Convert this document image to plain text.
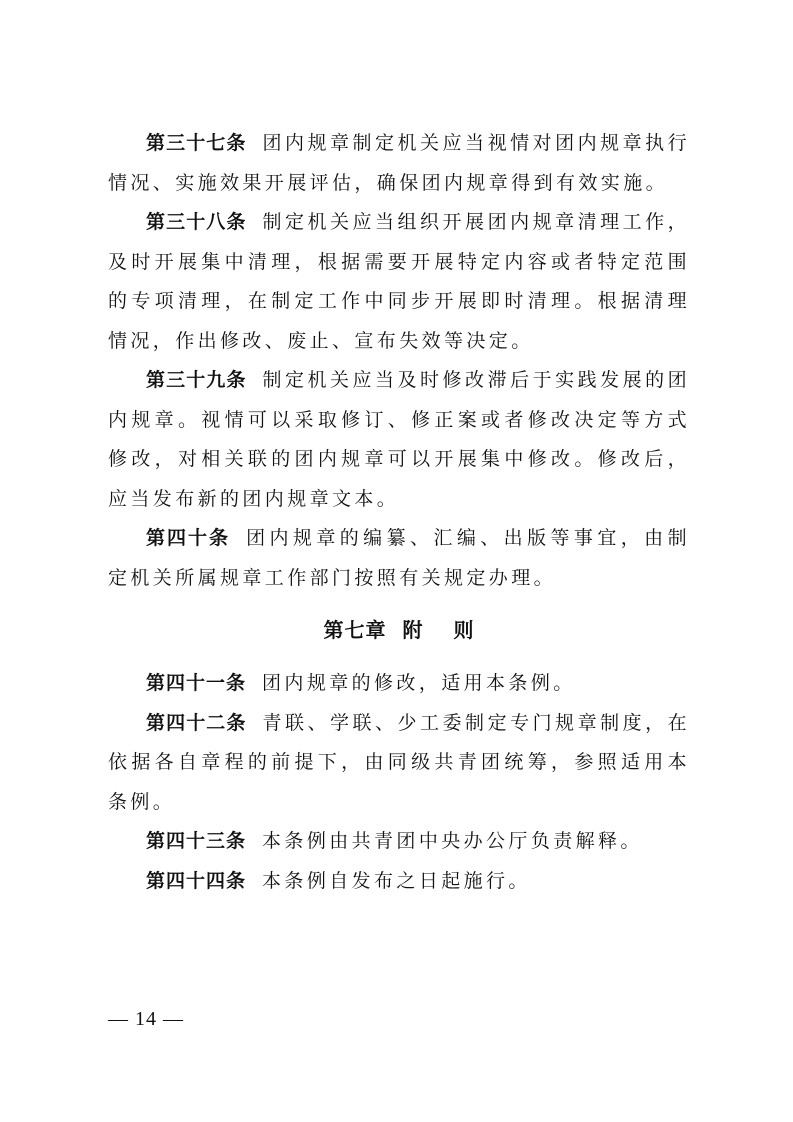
第三十七条 团内规章制定机关应当视情对团内规章执行情况、实施效果开展评估，确保团内规章得到有效实施。

第三十八条 制定机关应当组织开展团内规章清理工作，及时开展集中清理，根据需要开展特定内容或者特定范围的专项清理，在制定工作中同步开展即时清理。根据清理情况，作出修改、废止、宣布失效等决定。

第三十九条 制定机关应当及时修改滞后于实践发展的团内规章。视情可以采取修订、修正案或者修改决定等方式修改，对相关联的团内规章可以开展集中修改。修改后，应当发布新的团内规章文本。

第四十条 团内规章的编纂、汇编、出版等事宜，由制定机关所属规章工作部门按照有关规定办理。

第七章 附 则

第四十一条 团内规章的修改，适用本条例。

第四十二条 青联、学联、少工委制定专门规章制度，在依据各自章程的前提下，由同级共青团统筹，参照适用本条例。

第四十三条 本条例由共青团中央办公厅负责解释。

第四十四条 本条例自发布之日起施行。

— 14 —
